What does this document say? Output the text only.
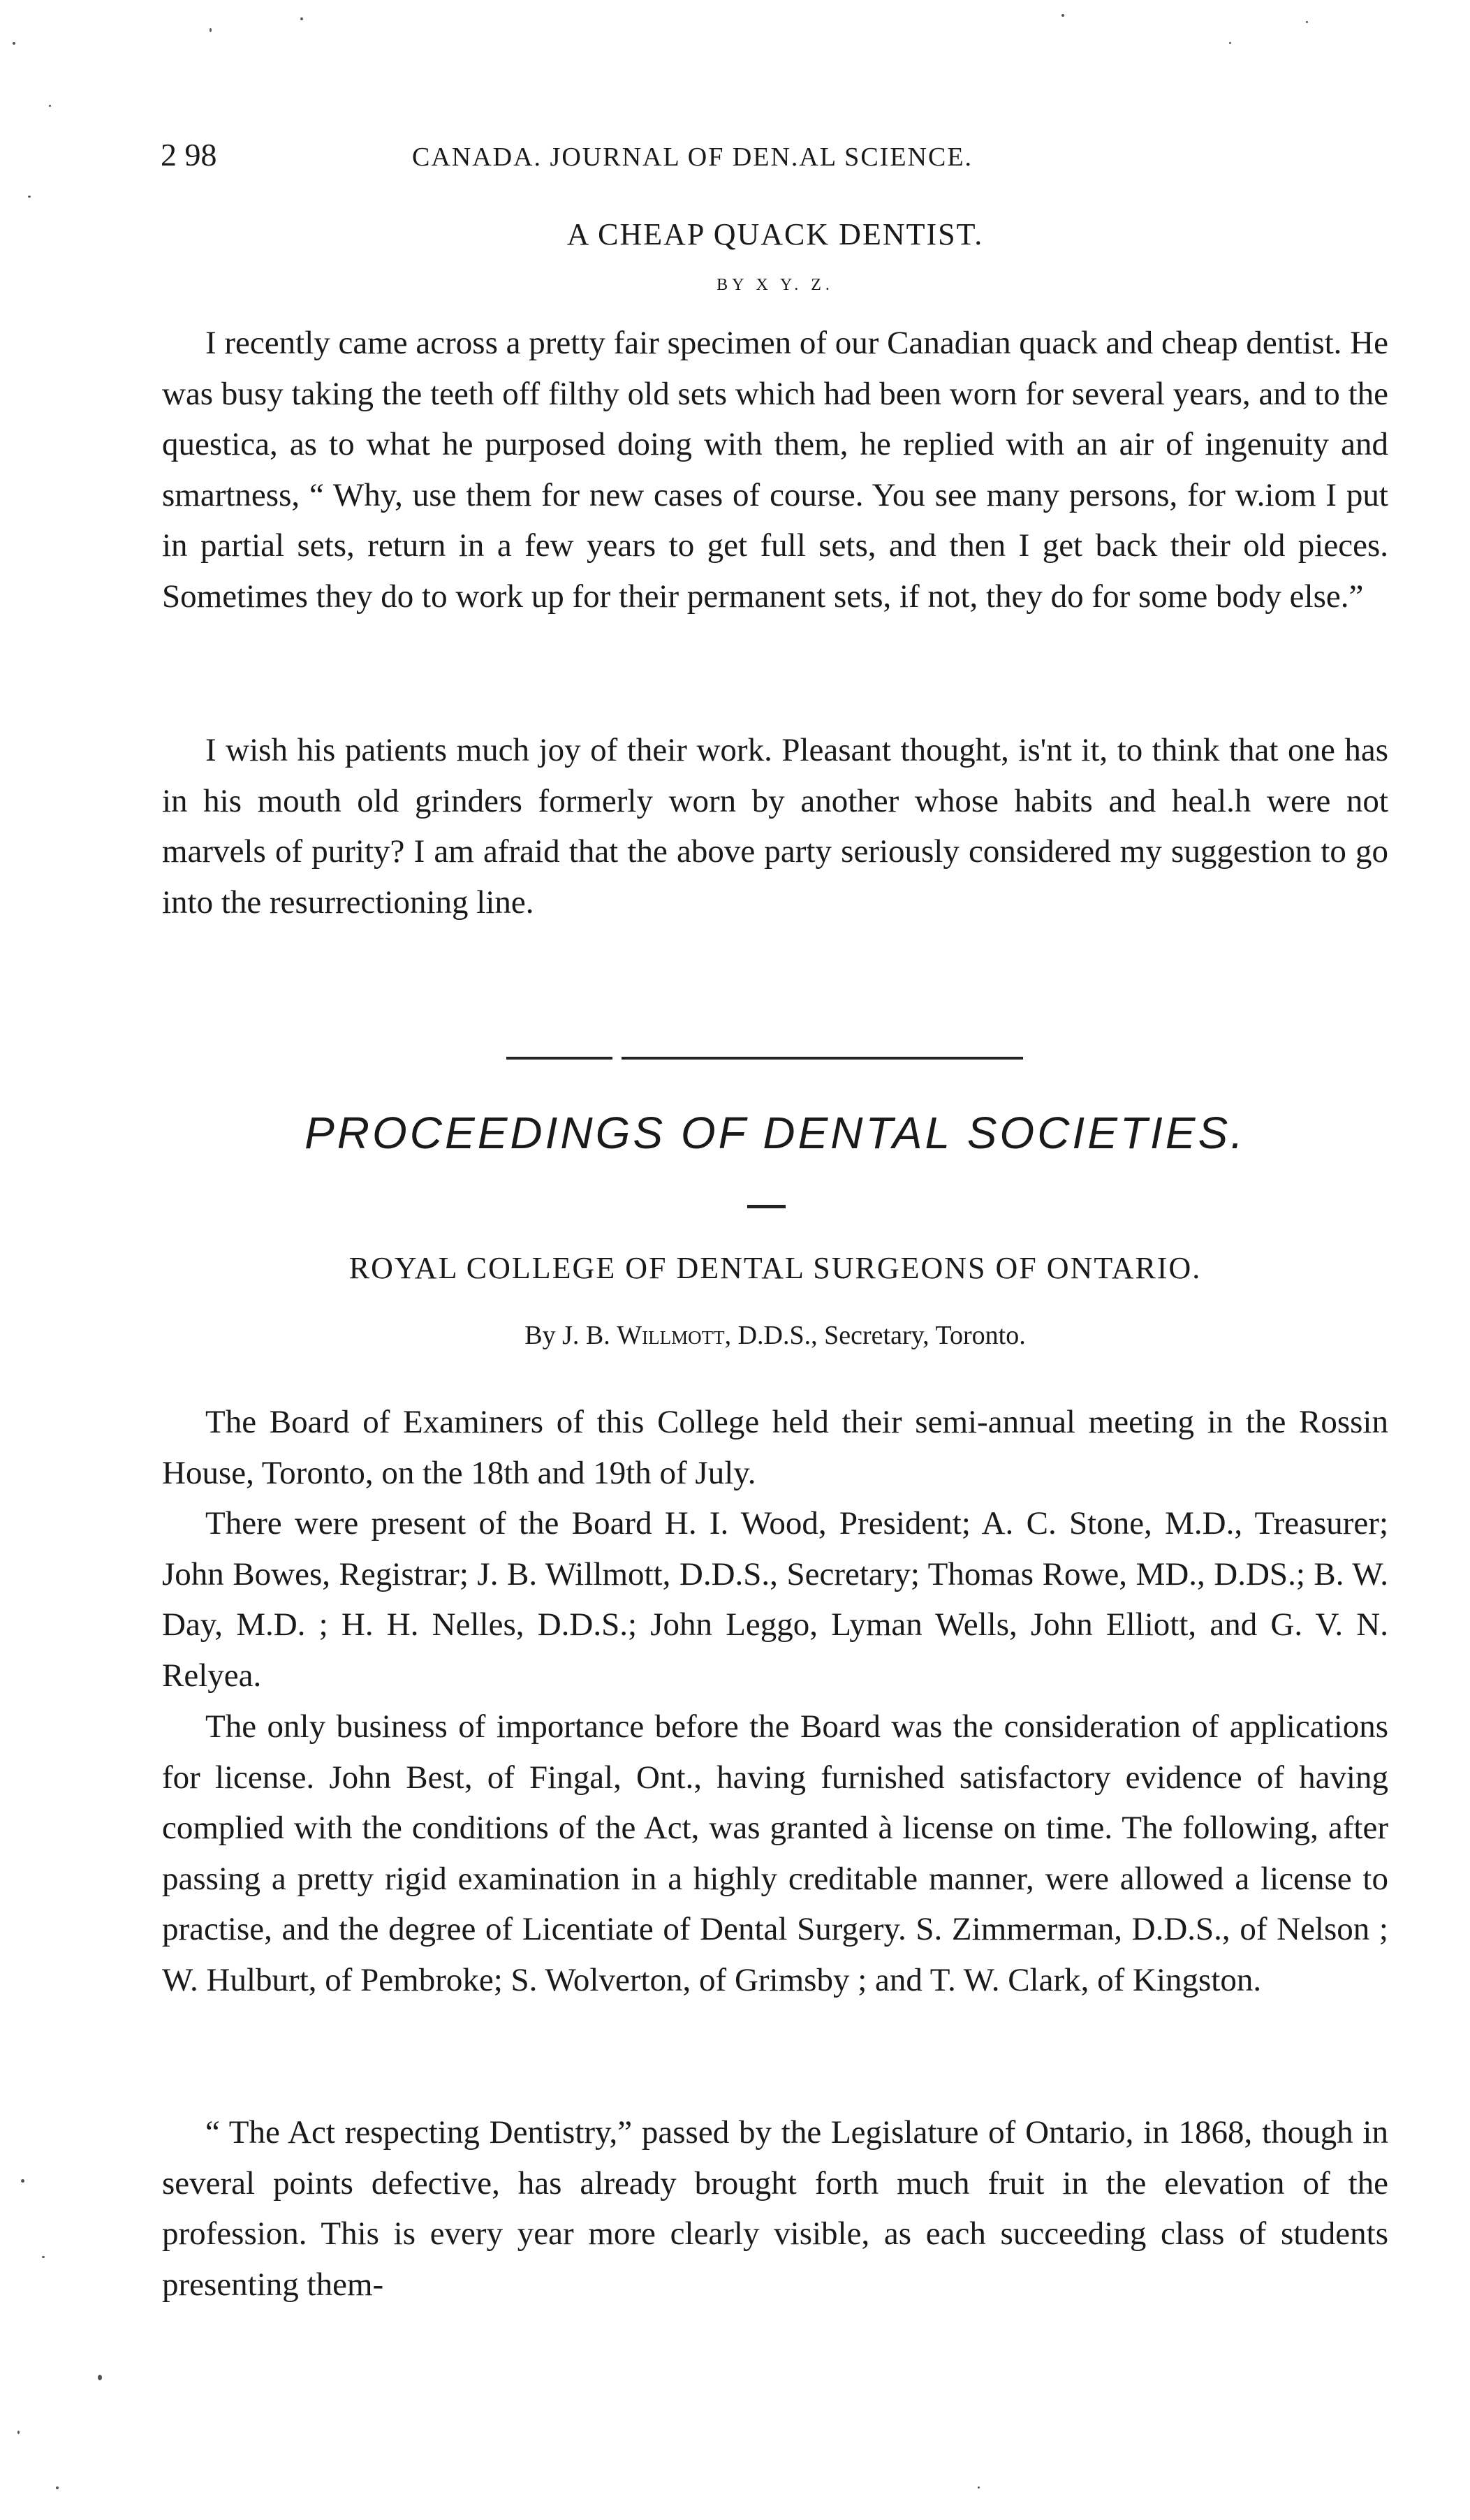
2 98	CANADA. JOURNAL OF DEN.AL SCIENCE.
A CHEAP QUACK DENTIST.
BY X Y. Z.

I recently came across a pretty fair specimen of our Canadian quack and cheap dentist. He was busy taking the teeth off filthy old sets which had been worn for several years, and to the questica, as to what he purposed doing with them, he replied with an air of ingenuity and smartness, “ Why, use them for new cases of course. You see many persons, for w.iom I put in partial sets, return in a few years to get full sets, and then I get back their old pieces. Sometimes they do to work up for their permanent sets, if not, they do for some body else.”

I wish his patients much joy of their work. Pleasant thought, is'nt it, to think that one has in his mouth old grinders formerly worn by another whose habits and heal.h were not marvels of purity? I am afraid that the above party seriously considered my suggestion to go into the resurrectioning line.

PROCEEDINGS OF DENTAL SOCIETIES.
ROYAL COLLEGE OF DENTAL SURGEONS OF ONTARIO.
By J. B. Willmott, D.D.S., Secretary, Toronto.

The Board of Examiners of this College held their semi-annual meeting in the Rossin House, Toronto, on the 18th and 19th of July.

There were present of the Board H. I. Wood, President; A. C. Stone, M.D., Treasurer; John Bowes, Registrar; J. B. Willmott, D.D.S., Secretary; Thomas Rowe, MD., D.DS.; B. W. Day, M.D. ; H. H. Nelles, D.D.S.; John Leggo, Lyman Wells, John Elliott, and G. V. N. Relyea.

The only business of importance before the Board was the consideration of applications for license. John Best, of Fingal, Ont., having furnished satisfactory evidence of having complied with the conditions of the Act, was granted à license on time. The following, after passing a pretty rigid examination in a highly creditable manner, were allowed a license to practise, and the degree of Licentiate of Dental Surgery. S. Zimmerman, D.D.S., of Nelson ; W. Hulburt, of Pembroke; S. Wolverton, of Grimsby ; and T. W. Clark, of Kingston.

“ The Act respecting Dentistry,” passed by the Legislature of Ontario, in 1868, though in several points defective, has already brought forth much fruit in the elevation of the profession. This is every year more clearly visible, as each succeeding class of students presenting them-
